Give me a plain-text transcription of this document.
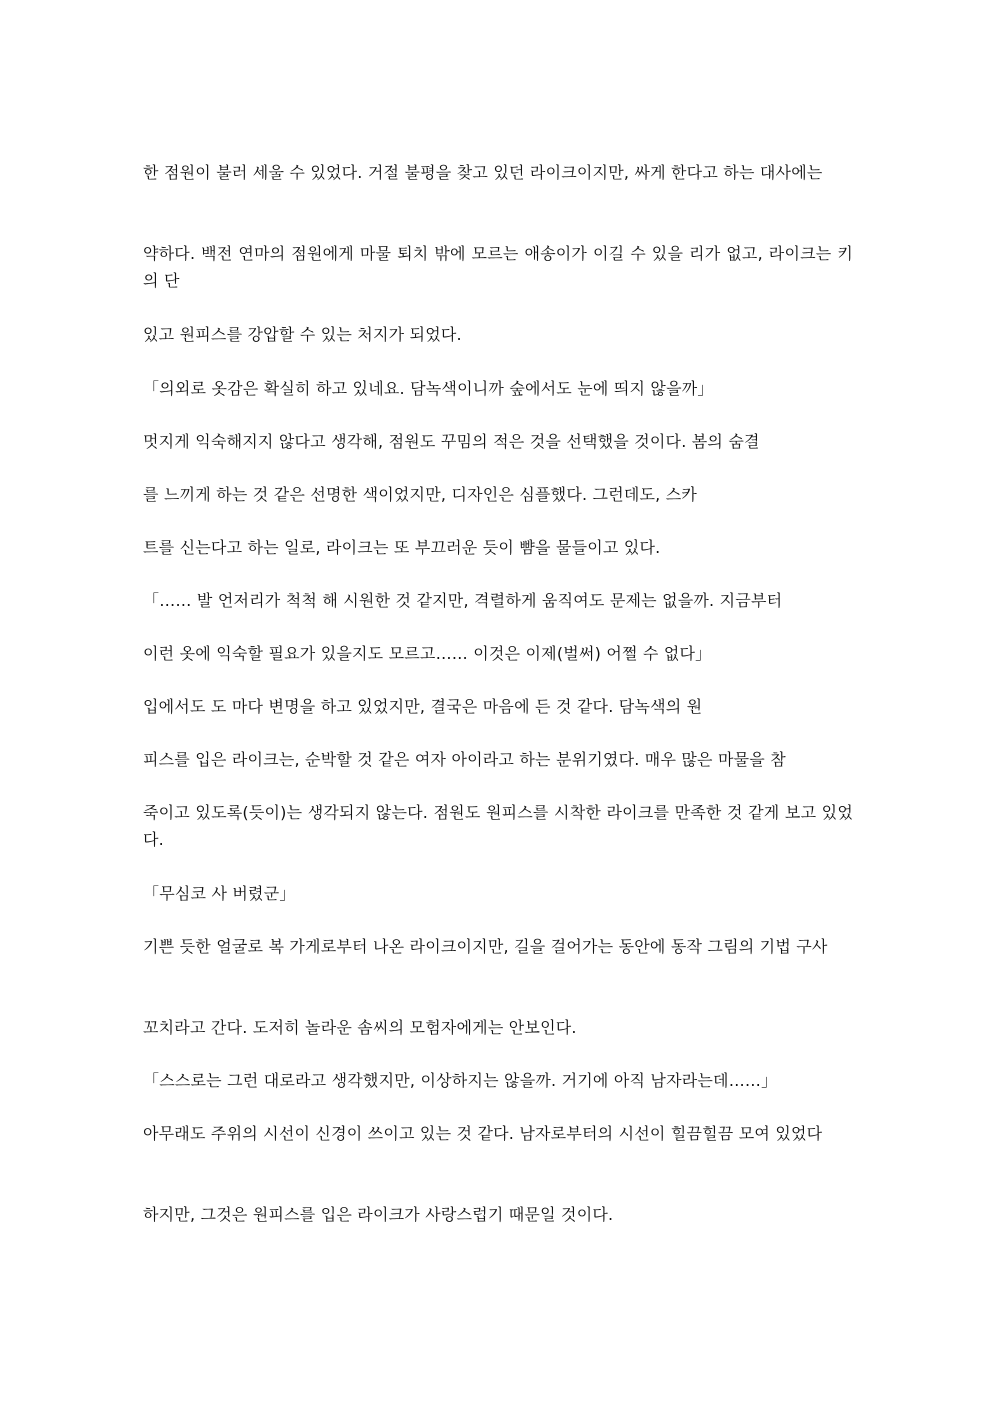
한 점원이 불러 세울 수 있었다. 거절 불평을 찾고 있던 라이크이지만, 싸게 한다고 하는 대사에는

약하다. 백전 연마의 점원에게 마물 퇴치 밖에 모르는 애송이가 이길 수 있을 리가 없고, 라이크는 키의 단

있고 원피스를 강압할 수 있는 처지가 되었다.

「의외로 옷감은 확실히 하고 있네요. 담녹색이니까 숲에서도 눈에 띄지 않을까」

멋지게 익숙해지지 않다고 생각해, 점원도 꾸밈의 적은 것을 선택했을 것이다. 봄의 숨결

를 느끼게 하는 것 같은 선명한 색이었지만, 디자인은 심플했다. 그런데도, 스카

트를 신는다고 하는 일로, 라이크는 또 부끄러운 듯이 뺨을 물들이고 있다.

「…… 발 언저리가 척척 해 시원한 것 같지만, 격렬하게 움직여도 문제는 없을까. 지금부터

이런 옷에 익숙할 필요가 있을지도 모르고…… 이것은 이제(벌써) 어쩔 수 없다」

입에서도 도 마다 변명을 하고 있었지만, 결국은 마음에 든 것 같다. 담녹색의 원

피스를 입은 라이크는, 순박할 것 같은 여자 아이라고 하는 분위기였다. 매우 많은 마물을 참

죽이고 있도록(듯이)는 생각되지 않는다. 점원도 원피스를 시착한 라이크를 만족한 것 같게 보고 있었다.

「무심코 사 버렸군」

기쁜 듯한 얼굴로 복 가게로부터 나온 라이크이지만, 길을 걸어가는 동안에 동작 그림의 기법 구사

꼬치라고 간다. 도저히 놀라운 솜씨의 모험자에게는 안보인다.

「스스로는 그런 대로라고 생각했지만, 이상하지는 않을까. 거기에 아직 남자라는데……」

아무래도 주위의 시선이 신경이 쓰이고 있는 것 같다. 남자로부터의 시선이 힐끔힐끔 모여 있었다

하지만, 그것은 원피스를 입은 라이크가 사랑스럽기 때문일 것이다.
